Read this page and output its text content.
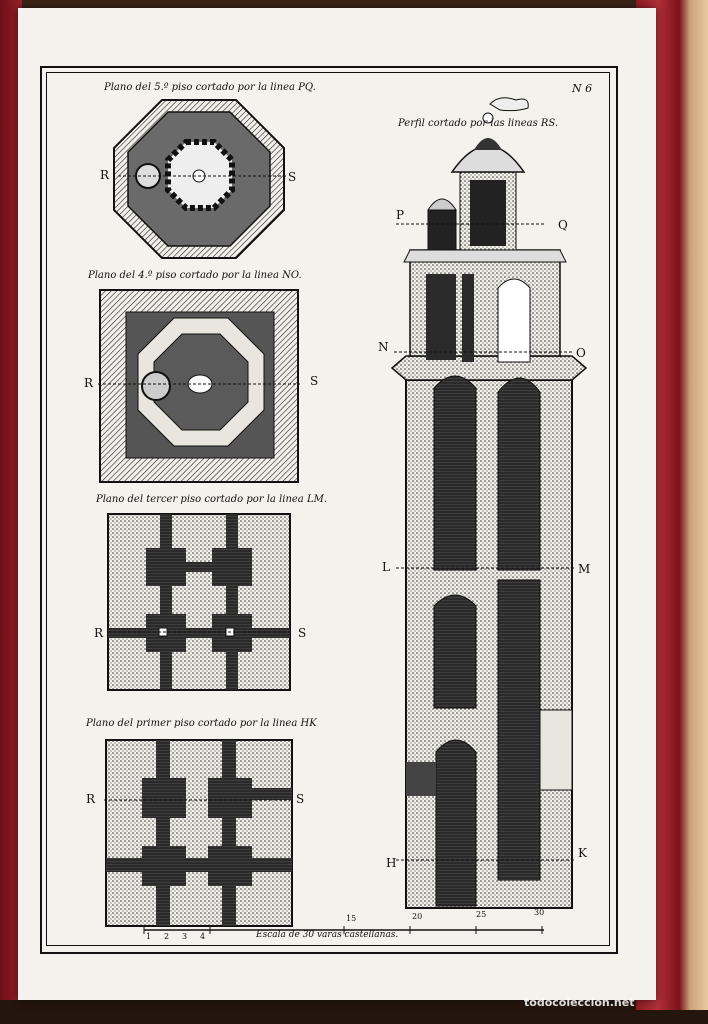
N 6
Plano del 5.º piso cortado por la linea PQ.
Plano del 4.º piso cortado por la linea NO.
Plano del tercer piso cortado por la linea LM.
Plano del primer piso cortado por la linea HK
Perfil cortado por las lineas RS.
Escala de 30 varas castellanas.
1 2 3 4
15	20	25	30
R	S
R	S
R	S
R	S
P
Q
N	O
L	M
H
K
todocoleccion.net
